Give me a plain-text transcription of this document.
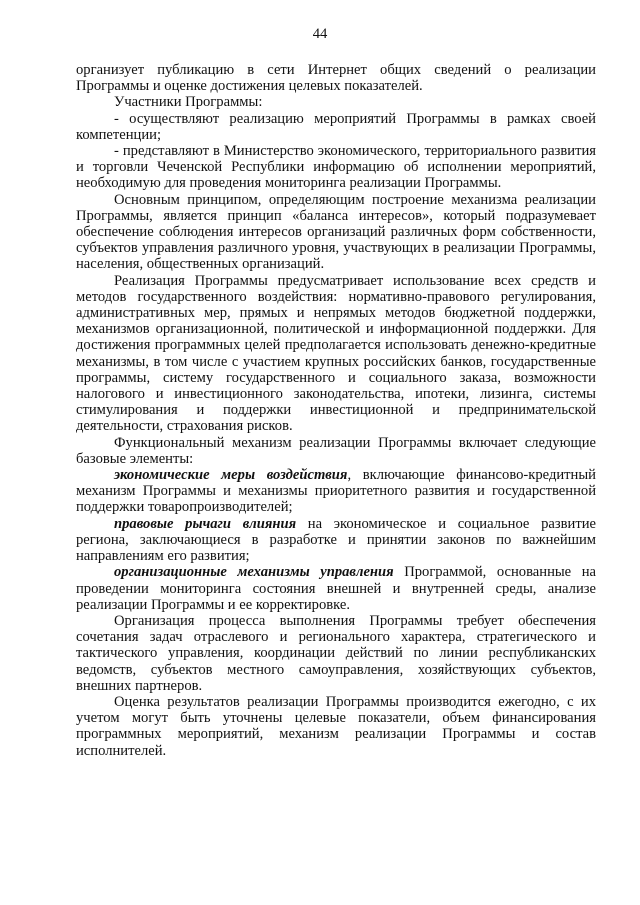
44

организует публикацию в сети Интернет общих сведений о реализации Программы и оценке достижения целевых показателей.

Участники Программы:

- осуществляют реализацию мероприятий Программы в рамках своей компетенции;

- представляют в Министерство экономического, территориального развития и торговли Чеченской Республики информацию об исполнении мероприятий, необходимую для проведения мониторинга реализации Программы.

Основным принципом, определяющим построение механизма реализации Программы, является принцип «баланса интересов», который подразумевает обеспечение соблюдения интересов организаций различных форм собственности, субъектов управления различного уровня, участвующих в реализации Программы, населения, общественных организаций.

Реализация Программы предусматривает использование всех средств и методов государственного воздействия: нормативно-правового регулирования, административных мер, прямых и непрямых методов бюджетной поддержки, механизмов организационной, политической и информационной поддержки. Для достижения программных целей предполагается использовать денежно-кредитные механизмы, в том числе с участием крупных российских банков, государственные программы, систему государственного и социального заказа, возможности налогового и инвестиционного законодательства, ипотеки, лизинга, системы стимулирования и поддержки инвестиционной и предпринимательской деятельности, страхования рисков.

Функциональный механизм реализации Программы включает следующие базовые элементы:

экономические меры воздействия, включающие финансово-кредитный механизм Программы и механизмы приоритетного развития и государственной поддержки товаропроизводителей;

правовые рычаги влияния на экономическое и социальное развитие региона, заключающиеся в разработке и принятии законов по важнейшим направлениям его развития;

организационные механизмы управления Программой, основанные на проведении мониторинга состояния внешней и внутренней среды, анализе реализации Программы и ее корректировке.

Организация процесса выполнения Программы требует обеспечения сочетания задач отраслевого и регионального характера, стратегического и тактического управления, координации действий по линии республиканских ведомств, субъектов местного самоуправления, хозяйствующих субъектов, внешних партнеров.

Оценка результатов реализации Программы производится ежегодно, с их учетом могут быть уточнены целевые показатели, объем финансирования программных мероприятий, механизм реализации Программы и состав исполнителей.
